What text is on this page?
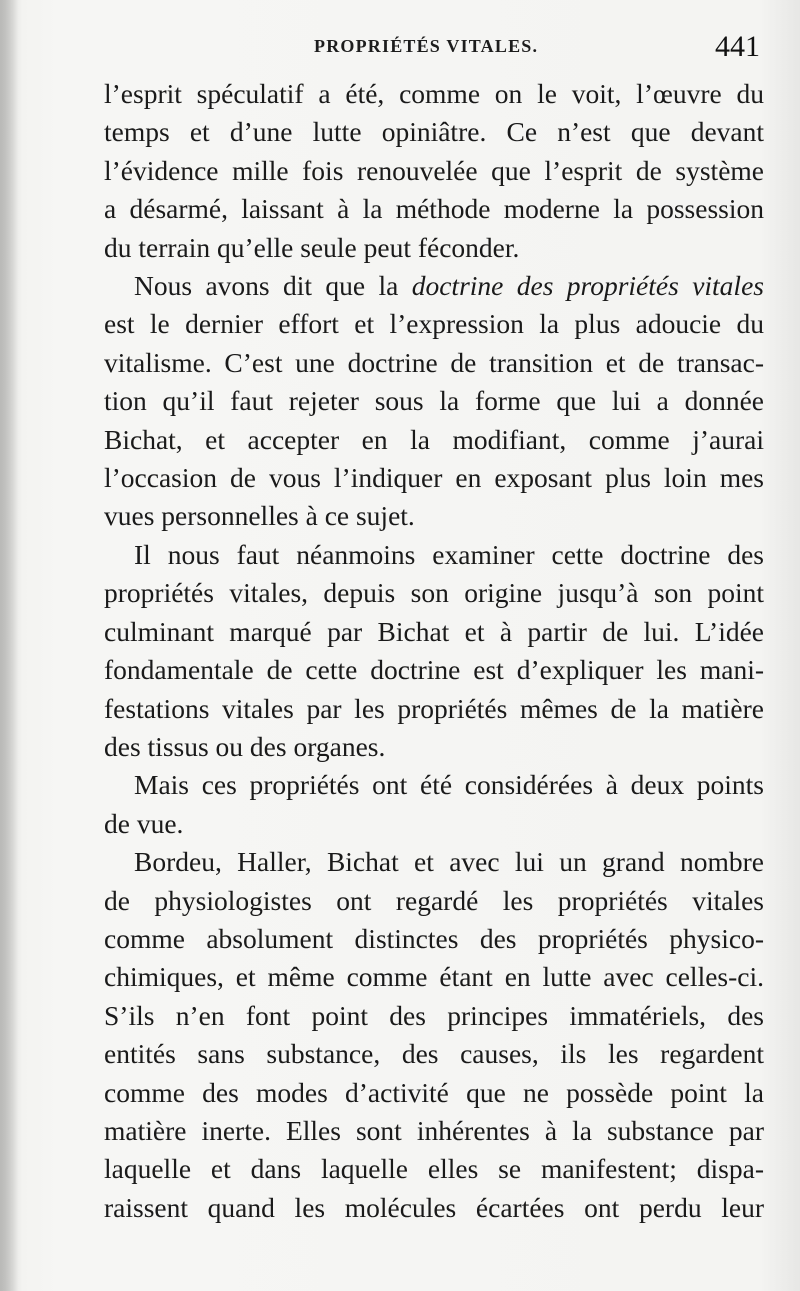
PROPRIÉTÉS VITALES.	441
l’esprit spéculatif a été, comme on le voit, l’œuvre du
temps et d’une lutte opiniâtre. Ce n’est que devant
l’évidence mille fois renouvelée que l’esprit de système
a désarmé, laissant à la méthode moderne la possession
du terrain qu’elle seule peut féconder.
Nous avons dit que la doctrine des propriétés vitales
est le dernier effort et l’expression la plus adoucie du
vitalisme. C’est une doctrine de transition et de transac-
tion qu’il faut rejeter sous la forme que lui a donnée
Bichat, et accepter en la modifiant, comme j’aurai
l’occasion de vous l’indiquer en exposant plus loin mes
vues personnelles à ce sujet.
Il nous faut néanmoins examiner cette doctrine des
propriétés vitales, depuis son origine jusqu’à son point
culminant marqué par Bichat et à partir de lui. L’idée
fondamentale de cette doctrine est d’expliquer les mani-
festations vitales par les propriétés mêmes de la matière
des tissus ou des organes.
Mais ces propriétés ont été considérées à deux points
de vue.
Bordeu, Haller, Bichat et avec lui un grand nombre
de physiologistes ont regardé les propriétés vitales
comme absolument distinctes des propriétés physico-
chimiques, et même comme étant en lutte avec celles-ci.
S’ils n’en font point des principes immatériels, des
entités sans substance, des causes, ils les regardent
comme des modes d’activité que ne possède point la
matière inerte. Elles sont inhérentes à la substance par
laquelle et dans laquelle elles se manifestent; dispa-
raissent quand les molécules écartées ont perdu leur
